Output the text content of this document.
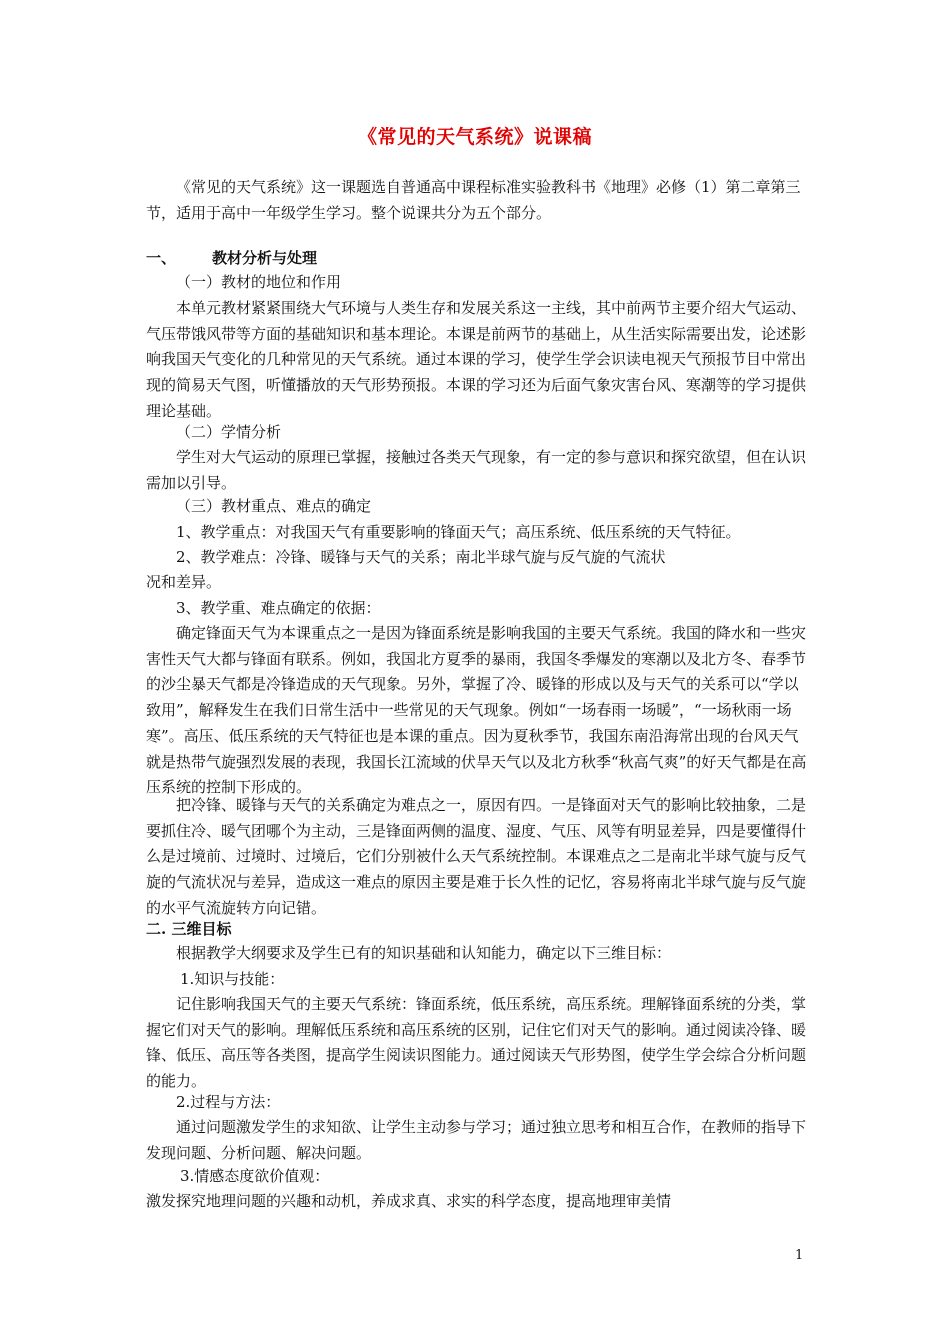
《常见的天气系统》说课稿

《常见的天气系统》这一课题选自普通高中课程标准实验教科书《地理》必修（1）第二章第三节，适用于高中一年级学生学习。整个说课共分为五个部分。

一、 教材分析与处理

（一）教材的地位和作用

本单元教材紧紧围绕大气环境与人类生存和发展关系这一主线，其中前两节主要介绍大气运动、气压带饿风带等方面的基础知识和基本理论。本课是前两节的基础上，从生活实际需要出发，论述影响我国天气变化的几种常见的天气系统。通过本课的学习，使学生学会识读电视天气预报节目中常出现的简易天气图，听懂播放的天气形势预报。本课的学习还为后面气象灾害台风、寒潮等的学习提供理论基础。

（二）学情分析

学生对大气运动的原理已掌握，接触过各类天气现象，有一定的参与意识和探究欲望，但在认识需加以引导。

（三）教材重点、难点的确定

1、教学重点：对我国天气有重要影响的锋面天气；高压系统、低压系统的天气特征。

2、教学难点：冷锋、暖锋与天气的关系；南北半球气旋与反气旋的气流状

况和差异。

3、教学重、难点确定的依据：

确定锋面天气为本课重点之一是因为锋面系统是影响我国的主要天气系统。我国的降水和一些灾害性天气大都与锋面有联系。例如，我国北方夏季的暴雨，我国冬季爆发的寒潮以及北方冬、春季节的沙尘暴天气都是冷锋造成的天气现象。另外，掌握了冷、暖锋的形成以及与天气的关系可以“学以致用”，解释发生在我们日常生活中一些常见的天气现象。例如“一场春雨一场暖”，“一场秋雨一场寒”。高压、低压系统的天气特征也是本课的重点。因为夏秋季节，我国东南沿海常出现的台风天气就是热带气旋强烈发展的表现，我国长江流域的伏旱天气以及北方秋季“秋高气爽”的好天气都是在高压系统的控制下形成的。

把冷锋、暖锋与天气的关系确定为难点之一，原因有四。一是锋面对天气的影响比较抽象，二是要抓住冷、暖气团哪个为主动，三是锋面两侧的温度、湿度、气压、风等有明显差异，四是要懂得什么是过境前、过境时、过境后，它们分别被什么天气系统控制。本课难点之二是南北半球气旋与反气旋的气流状况与差异，造成这一难点的原因主要是难于长久性的记忆，容易将南北半球气旋与反气旋的水平气流旋转方向记错。

二. 三维目标

根据教学大纲要求及学生已有的知识基础和认知能力，确定以下三维目标：

1.知识与技能：

记住影响我国天气的主要天气系统：锋面系统，低压系统，高压系统。理解锋面系统的分类，掌握它们对天气的影响。理解低压系统和高压系统的区别，记住它们对天气的影响。通过阅读冷锋、暖锋、低压、高压等各类图，提高学生阅读识图能力。通过阅读天气形势图，使学生学会综合分析问题的能力。

2.过程与方法：

通过问题激发学生的求知欲、让学生主动参与学习；通过独立思考和相互合作，在教师的指导下发现问题、分析问题、解决问题。

3.情感态度欲价值观：

激发探究地理问题的兴趣和动机，养成求真、求实的科学态度，提高地理审美情

1
